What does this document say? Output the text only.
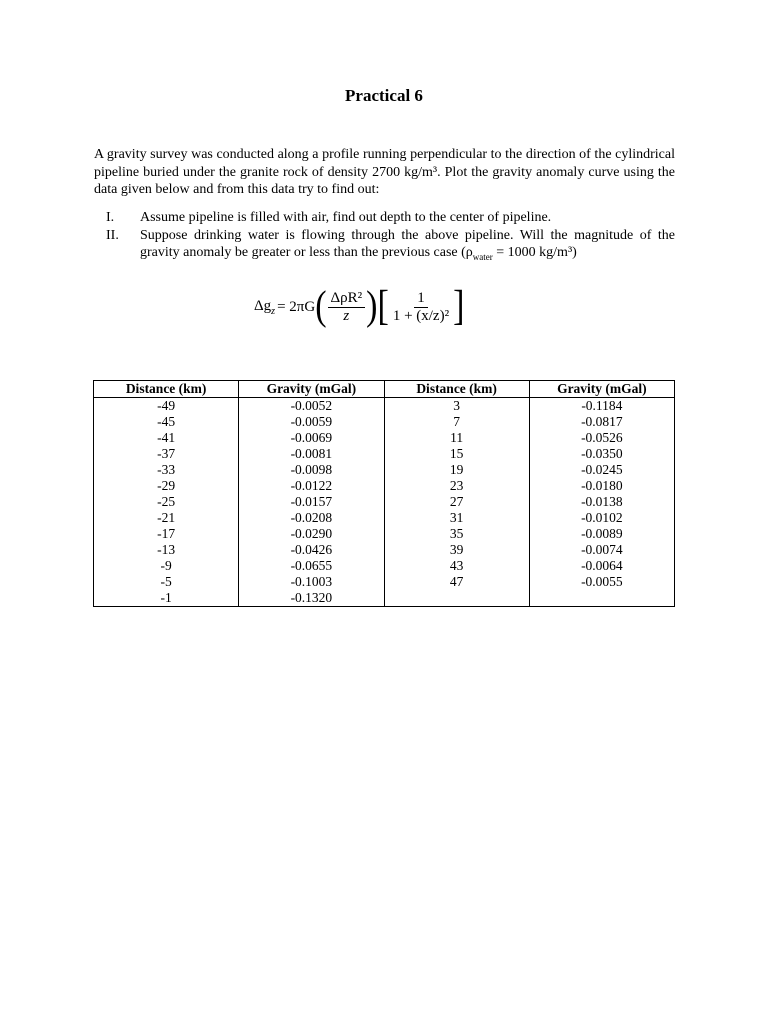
Practical 6
A gravity survey was conducted along a profile running perpendicular to the direction of the cylindrical pipeline buried under the granite rock of density 2700 kg/m³. Plot the gravity anomaly curve using the data given below and from this data try to find out:
I.	Assume pipeline is filled with air, find out depth to the center of pipeline.
II.	Suppose drinking water is flowing through the above pipeline. Will the magnitude of the gravity anomaly be greater or less than the previous case ($\rho_{water} = 1000$ kg/m³)
$\Delta g_z = 2\pi G$ ( $\frac{\text{ΔρR²}}{z}$ ) [ $\frac{1}{\text{1 + (x/z)²}}$ ]
Distance (km)	Gravity (mGal)	Distance (km)	Gravity (mGal)
-49	-0.0052	3	-0.1184
-45	-0.0059	7	-0.0817
-41	-0.0069	11	-0.0526
-37	-0.0081	15	-0.0350
-33	-0.0098	19	-0.0245
-29	-0.0122	23	-0.0180
-25	-0.0157	27	-0.0138
-21	-0.0208	31	-0.0102
-17	-0.0290	35	-0.0089
-13	-0.0426	39	-0.0074
-9	-0.0655	43	-0.0064
-5	-0.1003	47	-0.0055
-1	-0.1320		
